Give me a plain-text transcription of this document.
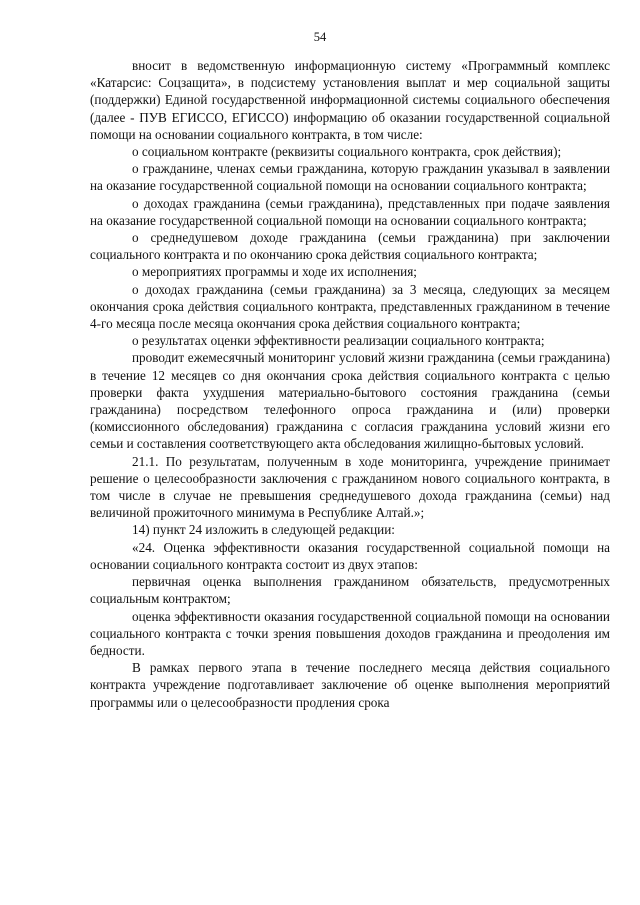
54

вносит в ведомственную информационную систему «Программный комплекс «Катарсис: Соцзащита», в подсистему установления выплат и мер социальной защиты (поддержки) Единой государственной информационной системы социального обеспечения (далее - ПУВ ЕГИССО, ЕГИССО) информацию об оказании государственной социальной помощи на основании социального контракта, в том числе:

о социальном контракте (реквизиты социального контракта, срок действия);

о гражданине, членах семьи гражданина, которую гражданин указывал в заявлении на оказание государственной социальной помощи на основании социального контракта;

о доходах гражданина (семьи гражданина), представленных при подаче заявления на оказание государственной социальной помощи на основании социального контракта;

о среднедушевом доходе гражданина (семьи гражданина) при заключении социального контракта и по окончанию срока действия социального контракта;

о мероприятиях программы и ходе их исполнения;

о доходах гражданина (семьи гражданина) за 3 месяца, следующих за месяцем окончания срока действия социального контракта, представленных гражданином в течение 4-го месяца после месяца окончания срока действия социального контракта;

о результатах оценки эффективности реализации социального контракта;

проводит ежемесячный мониторинг условий жизни гражданина (семьи гражданина) в течение 12 месяцев со дня окончания срока действия социального контракта с целью проверки факта ухудшения материально-бытового состояния гражданина (семьи гражданина) посредством телефонного опроса гражданина и (или) проверки (комиссионного обследования) гражданина с согласия гражданина условий жизни его семьи и составления соответствующего акта обследования жилищно-бытовых условий.

21.1. По результатам, полученным в ходе мониторинга, учреждение принимает решение о целесообразности заключения с гражданином нового социального контракта, в том числе в случае не превышения среднедушевого дохода гражданина (семьи) над величиной прожиточного минимума в Республике Алтай.»;

14) пункт 24 изложить в следующей редакции:

«24. Оценка эффективности оказания государственной социальной помощи на основании социального контракта состоит из двух этапов:

первичная оценка выполнения гражданином обязательств, предусмотренных социальным контрактом;

оценка эффективности оказания государственной социальной помощи на основании социального контракта с точки зрения повышения доходов гражданина и преодоления им бедности.

В рамках первого этапа в течение последнего месяца действия социального контракта учреждение подготавливает заключение об оценке выполнения мероприятий программы или о целесообразности продления срока
